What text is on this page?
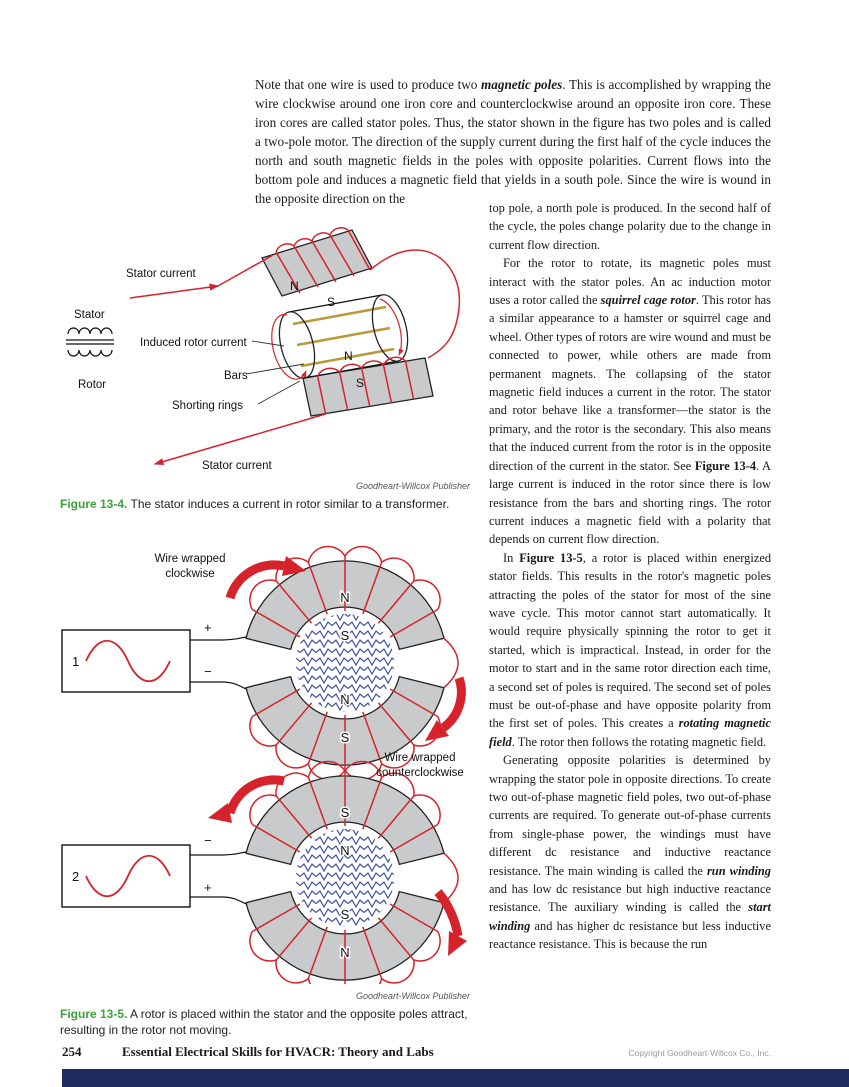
Note that one wire is used to produce two magnetic poles. This is accomplished by wrapping the wire clockwise around one iron core and counterclockwise around an opposite iron core. These iron cores are called stator poles. Thus, the stator shown in the figure has two poles and is called a two-pole motor. The direction of the supply current during the first half of the cycle induces the north and south magnetic fields in the poles with opposite polarities. Current flows into the bottom pole and induces a magnetic field that yields in a south pole. Since the wire is wound in the opposite direction on the

top pole, a north pole is produced. In the second half of the cycle, the poles change polarity due to the change in current flow direction.

For the rotor to rotate, its magnetic poles must interact with the stator poles. An ac induction motor uses a rotor called the squirrel cage rotor. This rotor has a similar appearance to a hamster or squirrel cage and wheel. Other types of rotors are wire wound and must be connected to power, while others are made from permanent magnets. The collapsing of the stator magnetic field induces a current in the rotor. The stator and rotor behave like a transformer—the stator is the primary, and the rotor is the secondary. This also means that the induced current from the rotor is in the opposite direction of the current in the stator. See Figure 13-4. A large current is induced in the rotor since there is low resistance from the bars and shorting rings. The rotor current induces a magnetic field with a polarity that depends on current flow direction.

In Figure 13-5, a rotor is placed within energized stator fields. This results in the rotor's magnetic poles attracting the poles of the stator for most of the sine wave cycle. This motor cannot start automatically. It would require physically spinning the rotor to get it started, which is impractical. Instead, in order for the motor to start and in the same rotor direction each time, a second set of poles is required. The second set of poles must be out-of-phase and have opposite polarity from the first set of poles. This creates a rotating magnetic field. The rotor then follows the rotating magnetic field.

Generating opposite polarities is determined by wrapping the stator pole in opposite directions. To create two out-of-phase magnetic field poles, two out-of-phase currents are required. To generate out-of-phase currents from single-phase power, the windings must have different dc resistance and inductive reactance resistance. The main winding is called the run winding and has low dc resistance but high inductive reactance resistance. The auxiliary winding is called the start winding and has higher dc resistance but less inductive reactance resistance. This is because the run

Stator current
Stator
Induced rotor current
Rotor
Bars
Shorting rings
Stator current
N
S
N
S
Goodheart-Willcox Publisher
Figure 13-4. The stator induces a current in rotor similar to a transformer.
1
+
−
Wire wrapped
clockwise
N
S
N
S
2
−
+
Wire wrapped
counterclockwise
S
N
S
N
Goodheart-Willcox Publisher
Figure 13-5. A rotor is placed within the stator and the opposite poles attract, resulting in the rotor not moving.
254	Essential Electrical Skills for HVACR: Theory and Labs	Copyright Goodheart-Willcox Co., Inc.
